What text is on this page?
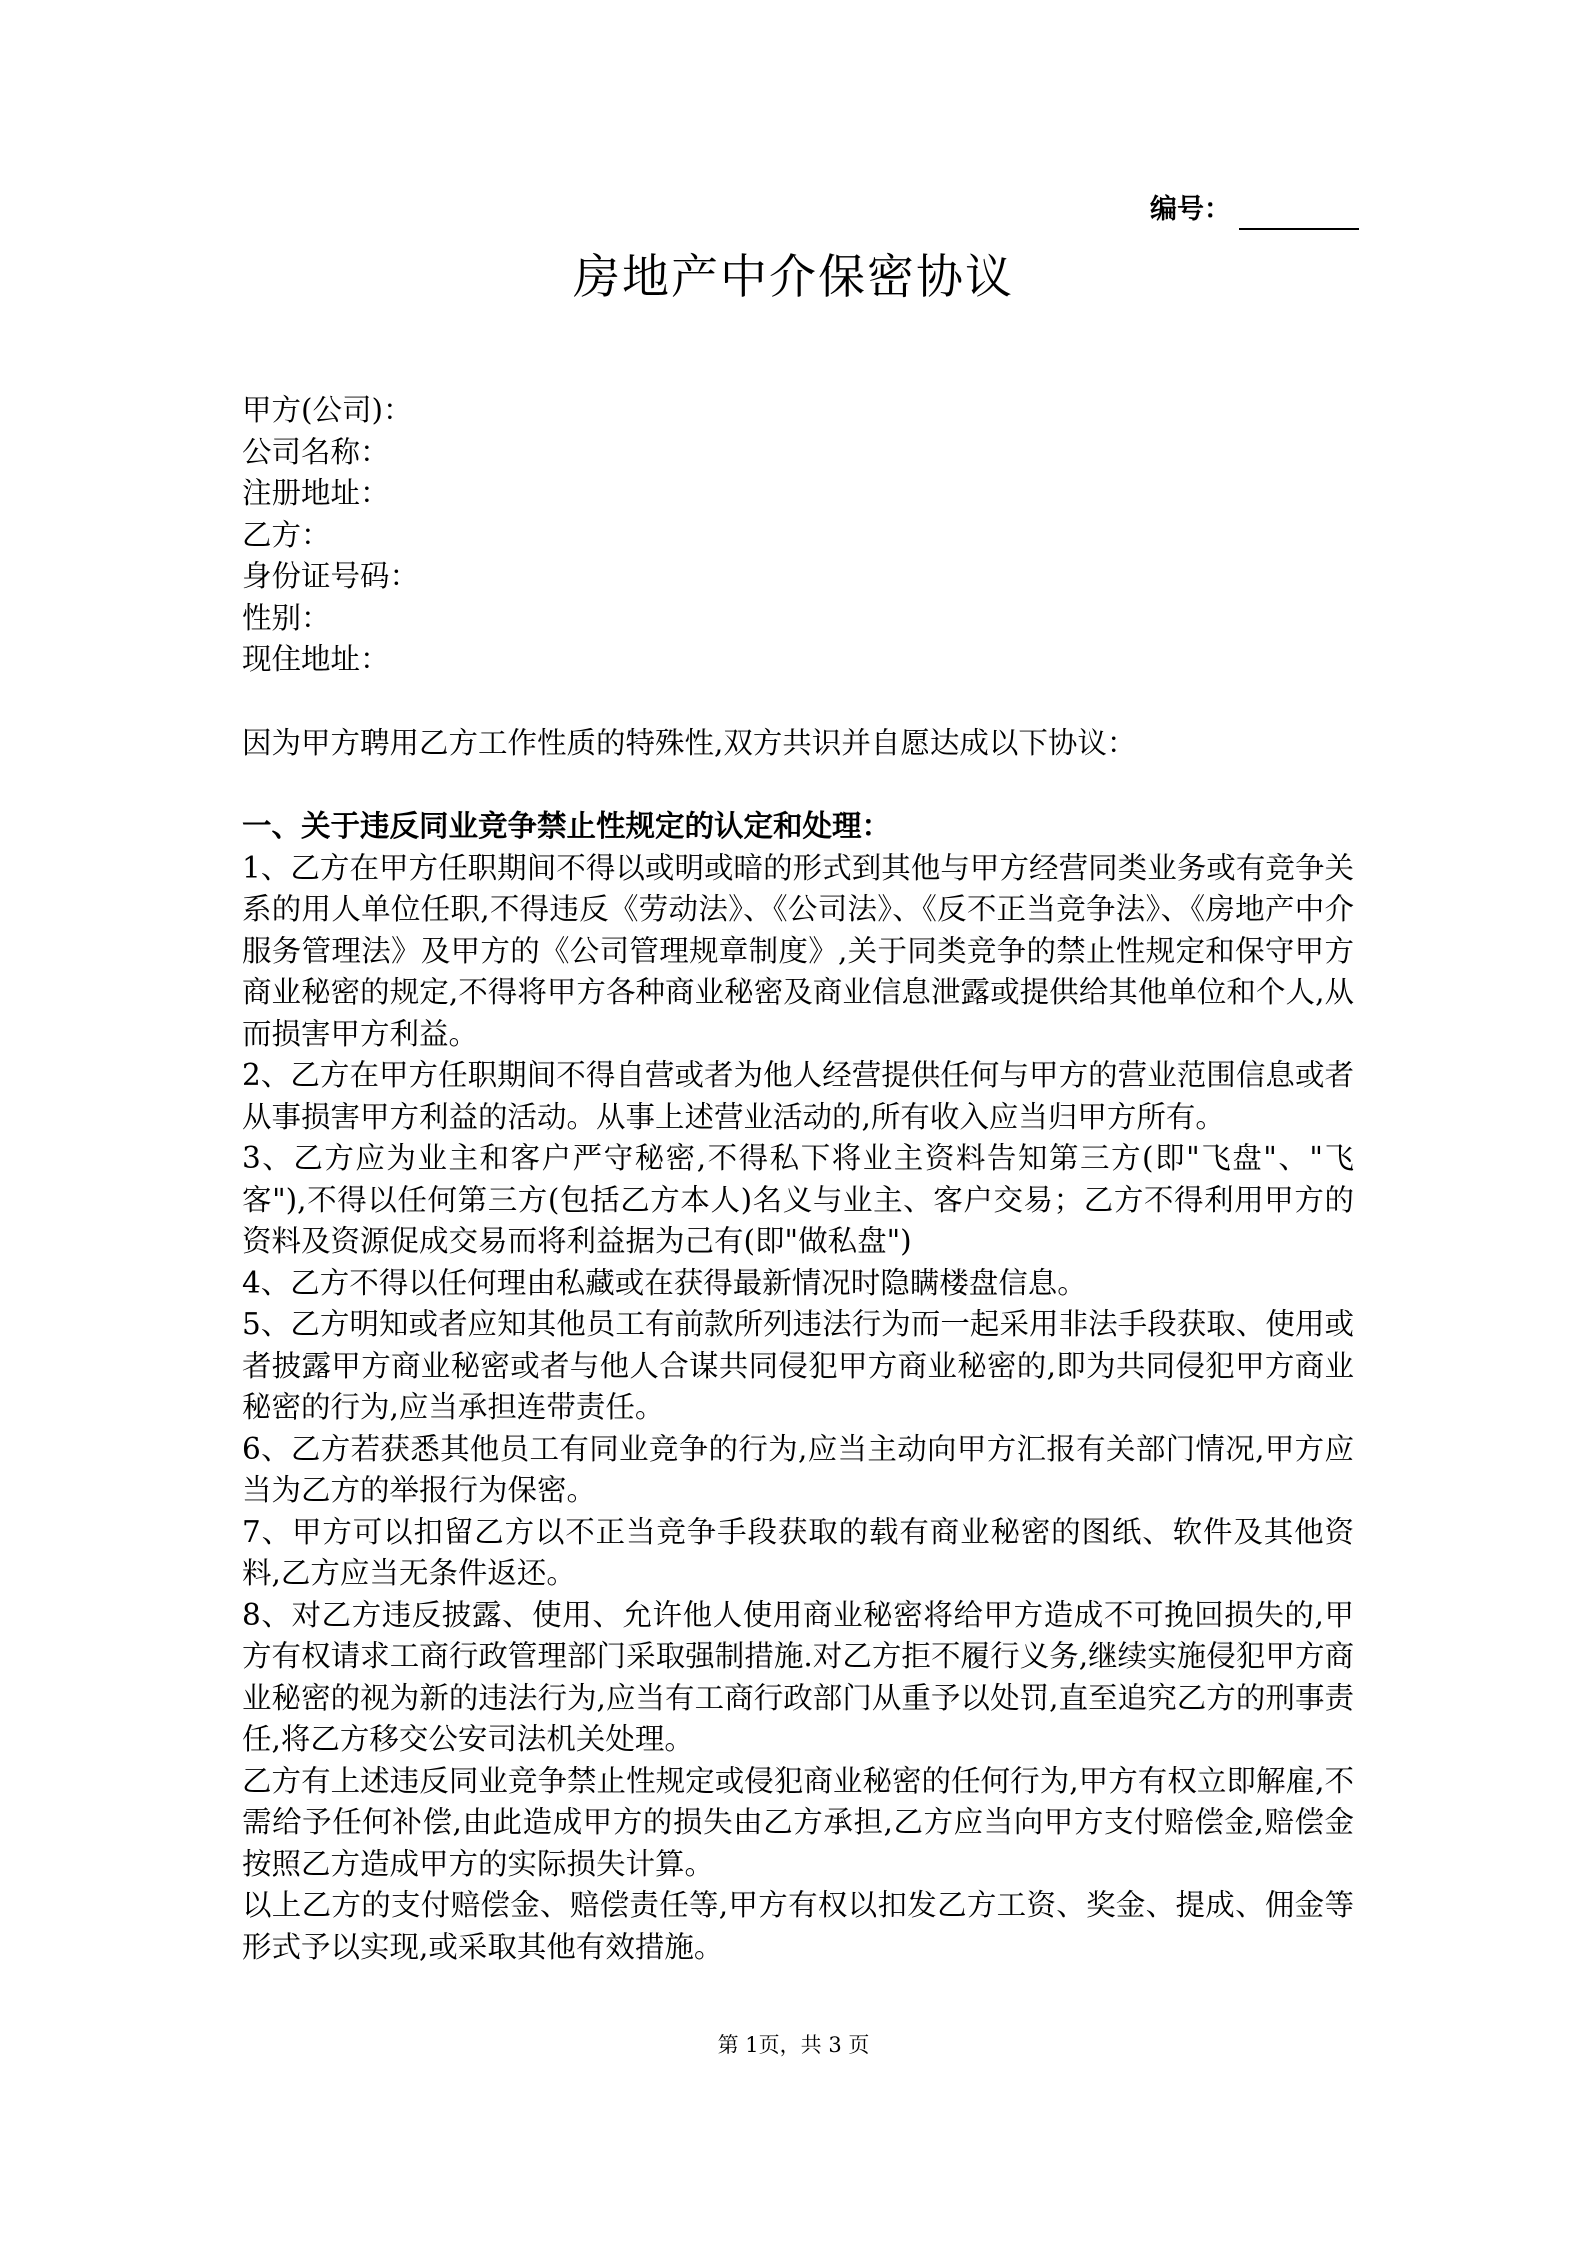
编号：
房地产中介保密协议

甲方(公司)：

公司名称：

注册地址：

乙方：

身份证号码：

性别：

现住地址：

因为甲方聘用乙方工作性质的特殊性,双方共识并自愿达成以下协议：

一、关于违反同业竞争禁止性规定的认定和处理：

1、乙方在甲方任职期间不得以或明或暗的形式到其他与甲方经营同类业务或有竞争关系的用人单位任职,不得违反《劳动法》、《公司法》、《反不正当竞争法》、《房地产中介服务管理法》及甲方的《公司管理规章制度》,关于同类竞争的禁止性规定和保守甲方商业秘密的规定,不得将甲方各种商业秘密及商业信息泄露或提供给其他单位和个人,从而损害甲方利益。

2、乙方在甲方任职期间不得自营或者为他人经营提供任何与甲方的营业范围信息或者从事损害甲方利益的活动。从事上述营业活动的,所有收入应当归甲方所有。

3、乙方应为业主和客户严守秘密,不得私下将业主资料告知第三方(即"飞盘"、"飞客"),不得以任何第三方(包括乙方本人)名义与业主、客户交易；乙方不得利用甲方的资料及资源促成交易而将利益据为己有(即"做私盘")

4、乙方不得以任何理由私藏或在获得最新情况时隐瞒楼盘信息。

5、乙方明知或者应知其他员工有前款所列违法行为而一起采用非法手段获取、使用或者披露甲方商业秘密或者与他人合谋共同侵犯甲方商业秘密的,即为共同侵犯甲方商业秘密的行为,应当承担连带责任。

6、乙方若获悉其他员工有同业竞争的行为,应当主动向甲方汇报有关部门情况,甲方应当为乙方的举报行为保密。

7、甲方可以扣留乙方以不正当竞争手段获取的载有商业秘密的图纸、软件及其他资料,乙方应当无条件返还。

8、对乙方违反披露、使用、允许他人使用商业秘密将给甲方造成不可挽回损失的,甲方有权请求工商行政管理部门采取强制措施.对乙方拒不履行义务,继续实施侵犯甲方商业秘密的视为新的违法行为,应当有工商行政部门从重予以处罚,直至追究乙方的刑事责任,将乙方移交公安司法机关处理。

乙方有上述违反同业竞争禁止性规定或侵犯商业秘密的任何行为,甲方有权立即解雇,不需给予任何补偿,由此造成甲方的损失由乙方承担,乙方应当向甲方支付赔偿金,赔偿金按照乙方造成甲方的实际损失计算。

以上乙方的支付赔偿金、赔偿责任等,甲方有权以扣发乙方工资、奖金、提成、佣金等形式予以实现,或采取其他有效措施。

第 1页，共 3 页
